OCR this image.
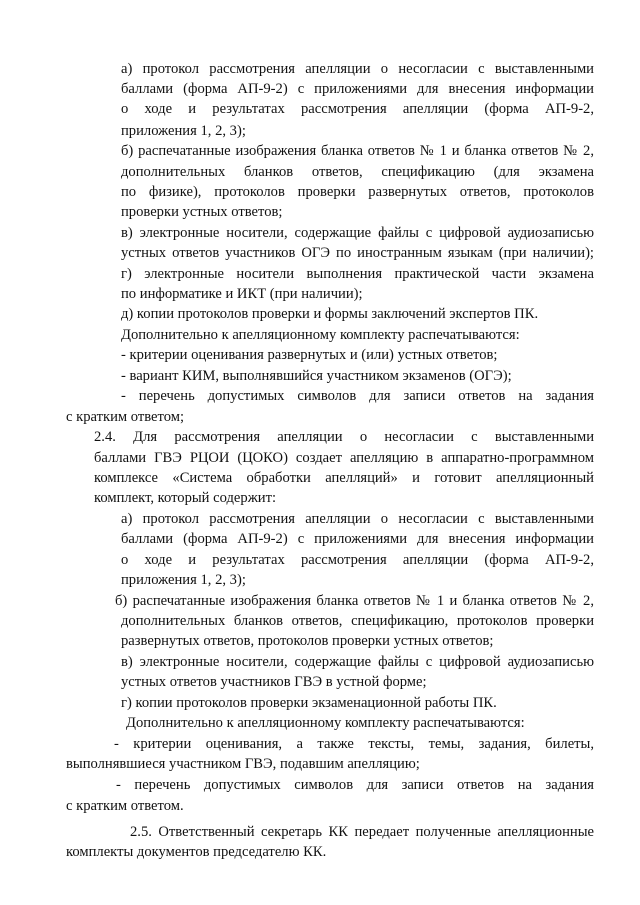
а) протокол рассмотрения апелляции о несогласии с выставленными
баллами (форма АП-9-2) с приложениями для внесения информации
о ходе и результатах рассмотрения апелляции (форма АП-9-2,
приложения 1, 2, 3);
б) распечатанные изображения бланка ответов № 1 и бланка ответов № 2,
дополнительных бланков ответов, спецификацию (для экзамена
по физике), протоколов проверки развернутых ответов, протоколов
проверки устных ответов;
в) электронные носители, содержащие файлы с цифровой аудиозаписью
устных ответов участников ОГЭ по иностранным языкам (при наличии);
г) электронные носители выполнения практической части экзамена
по информатике и ИКТ (при наличии);
д) копии протоколов проверки и формы заключений экспертов ПК.
Дополнительно к апелляционному комплекту распечатываются:
- критерии оценивания развернутых и (или) устных ответов;
- вариант КИМ, выполнявшийся участником экзаменов (ОГЭ);
- перечень допустимых символов для записи ответов на задания
с кратким ответом;
2.4. Для рассмотрения апелляции о несогласии с выставленными
баллами ГВЭ РЦОИ (ЦОКО) создает апелляцию в аппаратно-программном
комплексе «Система обработки апелляций» и готовит апелляционный
комплект, который содержит:
а) протокол рассмотрения апелляции о несогласии с выставленными
баллами (форма АП-9-2) с приложениями для внесения информации
о ходе и результатах рассмотрения апелляции (форма АП-9-2,
приложения 1, 2, 3);
б) распечатанные изображения бланка ответов № 1 и бланка ответов № 2,
дополнительных бланков ответов, спецификацию, протоколов проверки
развернутых ответов, протоколов проверки устных ответов;
в) электронные носители, содержащие файлы с цифровой аудиозаписью
устных ответов участников ГВЭ в устной форме;
г) копии протоколов проверки экзаменационной работы ПК.
Дополнительно к апелляционному комплекту распечатываются:
- критерии оценивания, а также тексты, темы, задания, билеты,
выполнявшиеся участником ГВЭ, подавшим апелляцию;
- перечень допустимых символов для записи ответов на задания
с кратким ответом.
2.5. Ответственный секретарь КК передает полученные апелляционные
комплекты документов председателю КК.
